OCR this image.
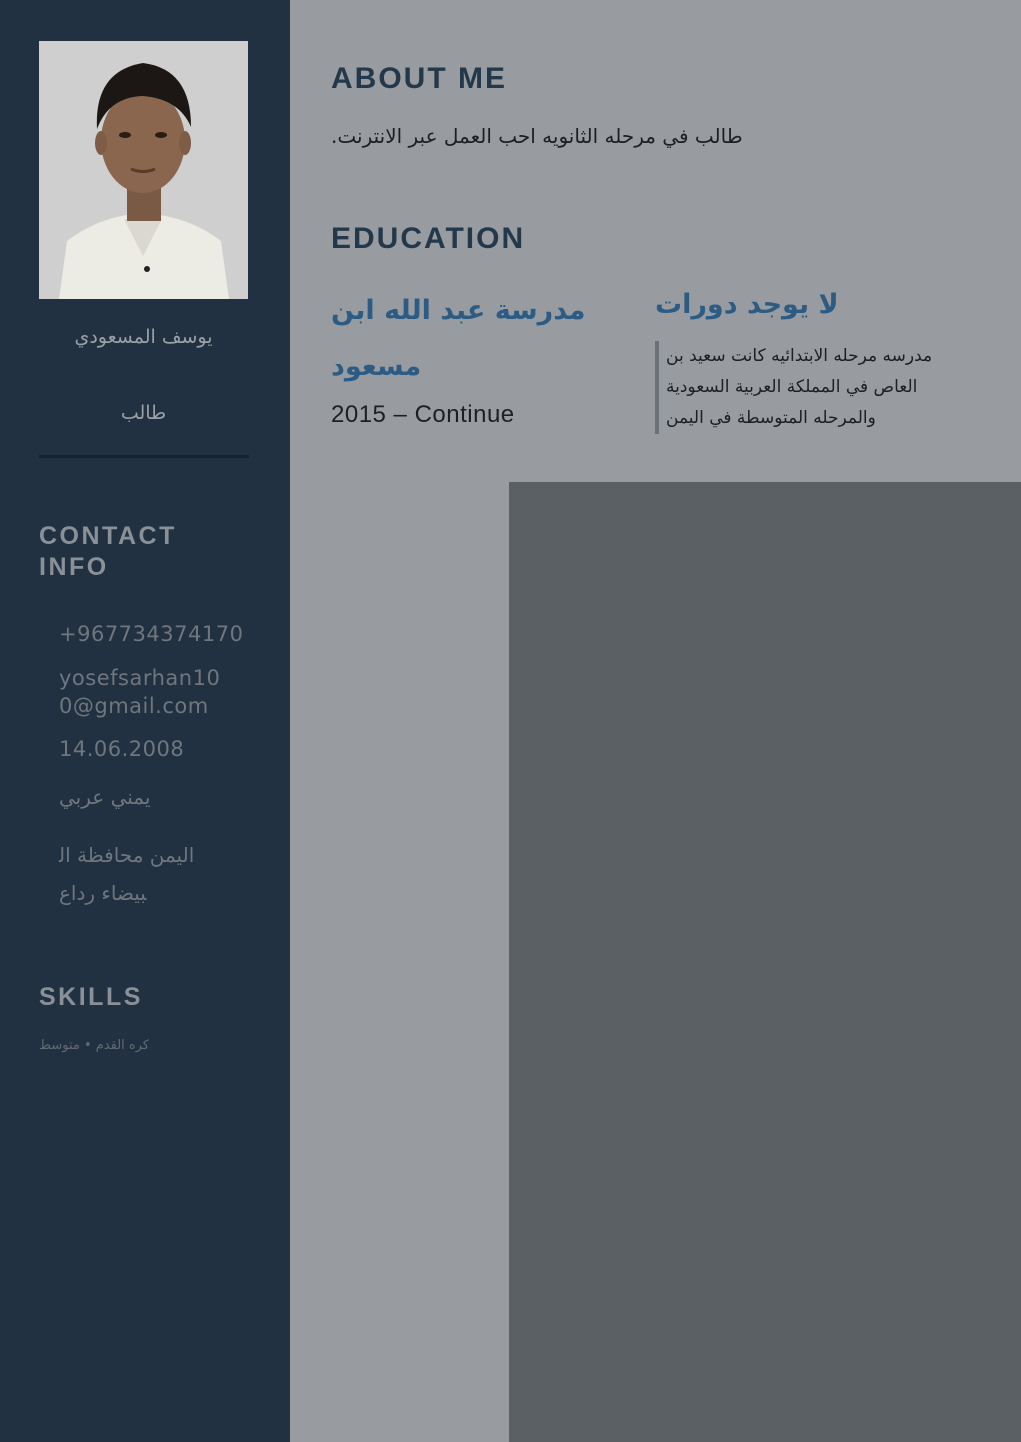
يوسف المسعودي
طالب
CONTACT INFO
+967734374170
yosefsarhan100@gmail.com
14.06.2008
يمني عربي
اليمن محافظة البيضاء رداع
SKILLS
كره القدم • متوسط
ABOUT ME
طالب في مرحله الثانويه احب العمل عبر الانترنت.
EDUCATION
مدرسة عبد الله ابن مسعود
2015 – Continue
لا يوجد دورات
مدرسه مرحله الابتدائيه كانت سعيد بن العاص في المملكة العربية السعودية والمرحله المتوسطة في اليمن
